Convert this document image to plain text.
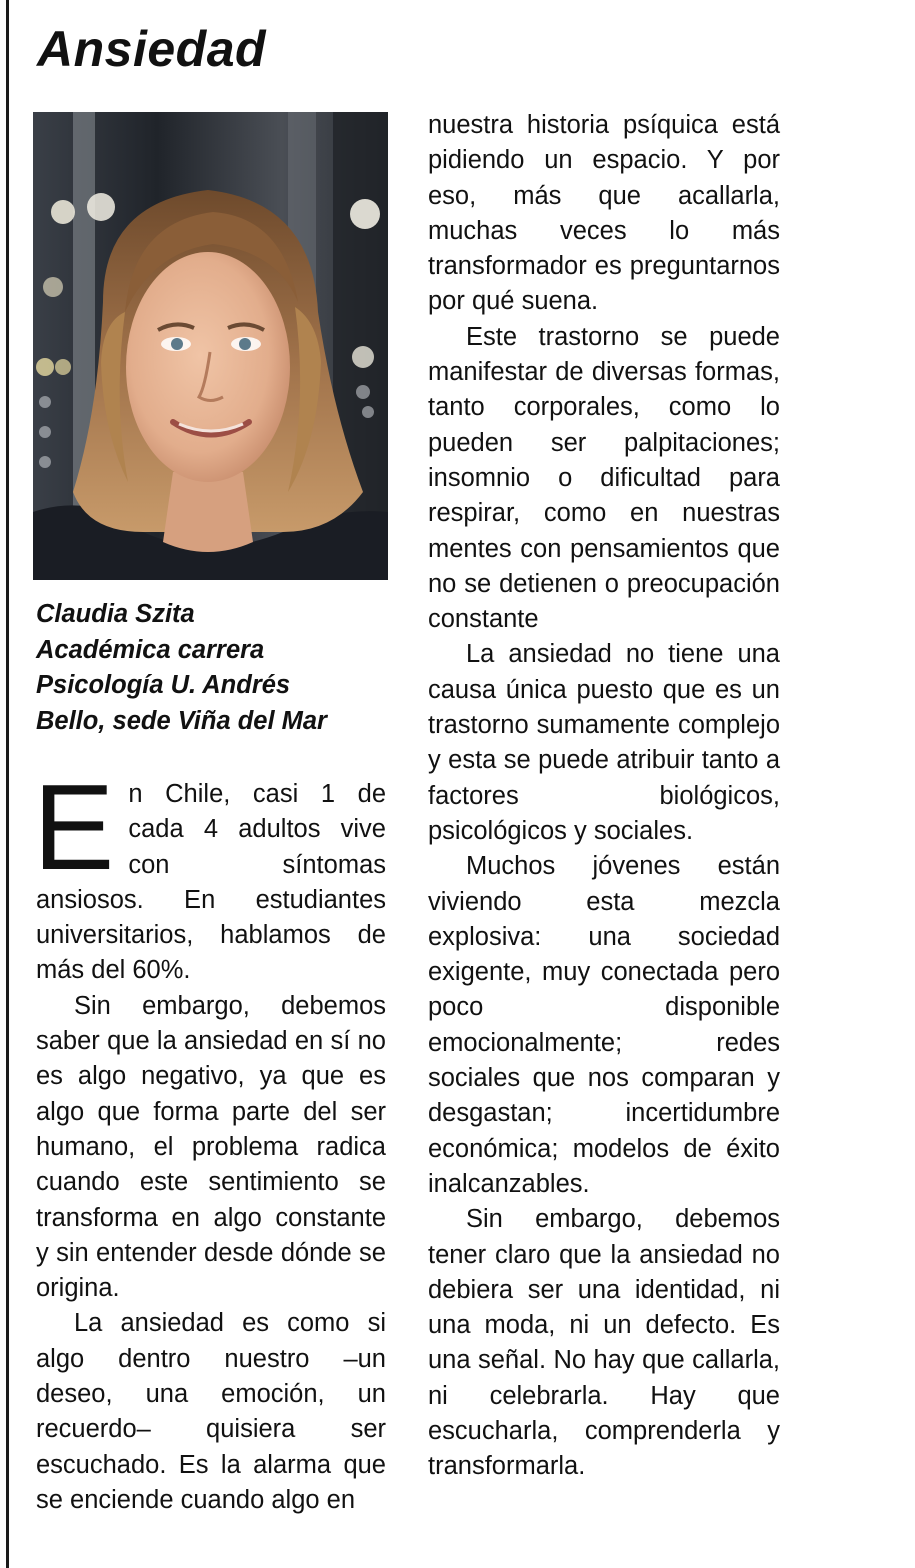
Ansiedad
Claudia Szita
Académica carrera
Psicología U. Andrés
Bello, sede Viña del Mar

En Chile, casi 1 de cada 4 adultos vive con síntomas ansiosos. En estudiantes universitarios, hablamos de más del 60%.

Sin embargo, debemos saber que la ansiedad en sí no es algo negativo, ya que es algo que forma parte del ser humano, el problema radica cuando este sentimiento se transforma en algo constante y sin entender desde dónde se origina.

La ansiedad es como si algo dentro nuestro –un deseo, una emoción, un recuerdo– quisiera ser escuchado. Es la alarma que se enciende cuando algo en

nuestra historia psíquica está pidiendo un espacio. Y por eso, más que acallarla, muchas veces lo más transformador es preguntarnos por qué suena.

Este trastorno se puede manifestar de diversas formas, tanto corporales, como lo pueden ser palpitaciones; insomnio o dificultad para respirar, como en nuestras mentes con pensamientos que no se detienen o preocupación constante

La ansiedad no tiene una causa única puesto que es un trastorno sumamente complejo y esta se puede atribuir tanto a factores biológicos, psicológicos y sociales.

Muchos jóvenes están viviendo esta mezcla explosiva: una sociedad exigente, muy conectada pero poco disponible emocionalmente; redes sociales que nos comparan y desgastan; incertidumbre económica; modelos de éxito inalcanzables.

Sin embargo, debemos tener claro que la ansiedad no debiera ser una identidad, ni una moda, ni un defecto. Es una señal. No hay que callarla, ni celebrarla. Hay que escucharla, comprenderla y transformarla.
